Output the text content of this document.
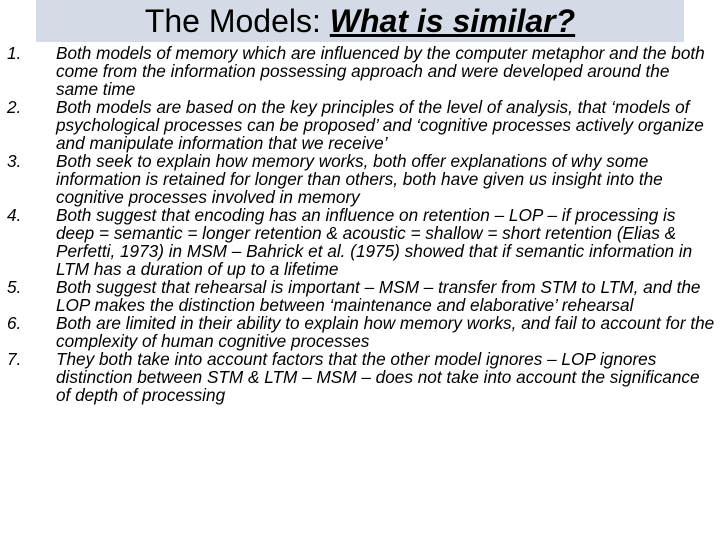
The Models: What is similar?
1.	Both models of memory which are influenced by the computer metaphor and the both come from the information possessing approach and were developed around the same time
2.	Both models are based on the key principles of the level of analysis, that ‘models of psychological processes can be proposed’ and ‘cognitive processes actively organize and manipulate information that we receive’
3.	Both seek to explain how memory works, both offer explanations of why some information is retained for longer than others, both have given us insight into the cognitive processes involved in memory
4.	Both suggest that encoding has an influence on retention – LOP – if processing is deep = semantic = longer retention & acoustic = shallow = short retention (Elias & Perfetti, 1973) in MSM – Bahrick et al. (1975) showed that if semantic information in LTM has a duration of up to a lifetime
5.	Both suggest that rehearsal is important – MSM – transfer from STM to LTM, and the LOP makes the distinction between ‘maintenance and elaborative’ rehearsal
6.	Both are limited in their ability to explain how memory works, and fail to account for the complexity of human cognitive processes
7.	They both take into account factors that the other model ignores – LOP ignores distinction between STM & LTM – MSM – does not take into account the significance of depth of processing
